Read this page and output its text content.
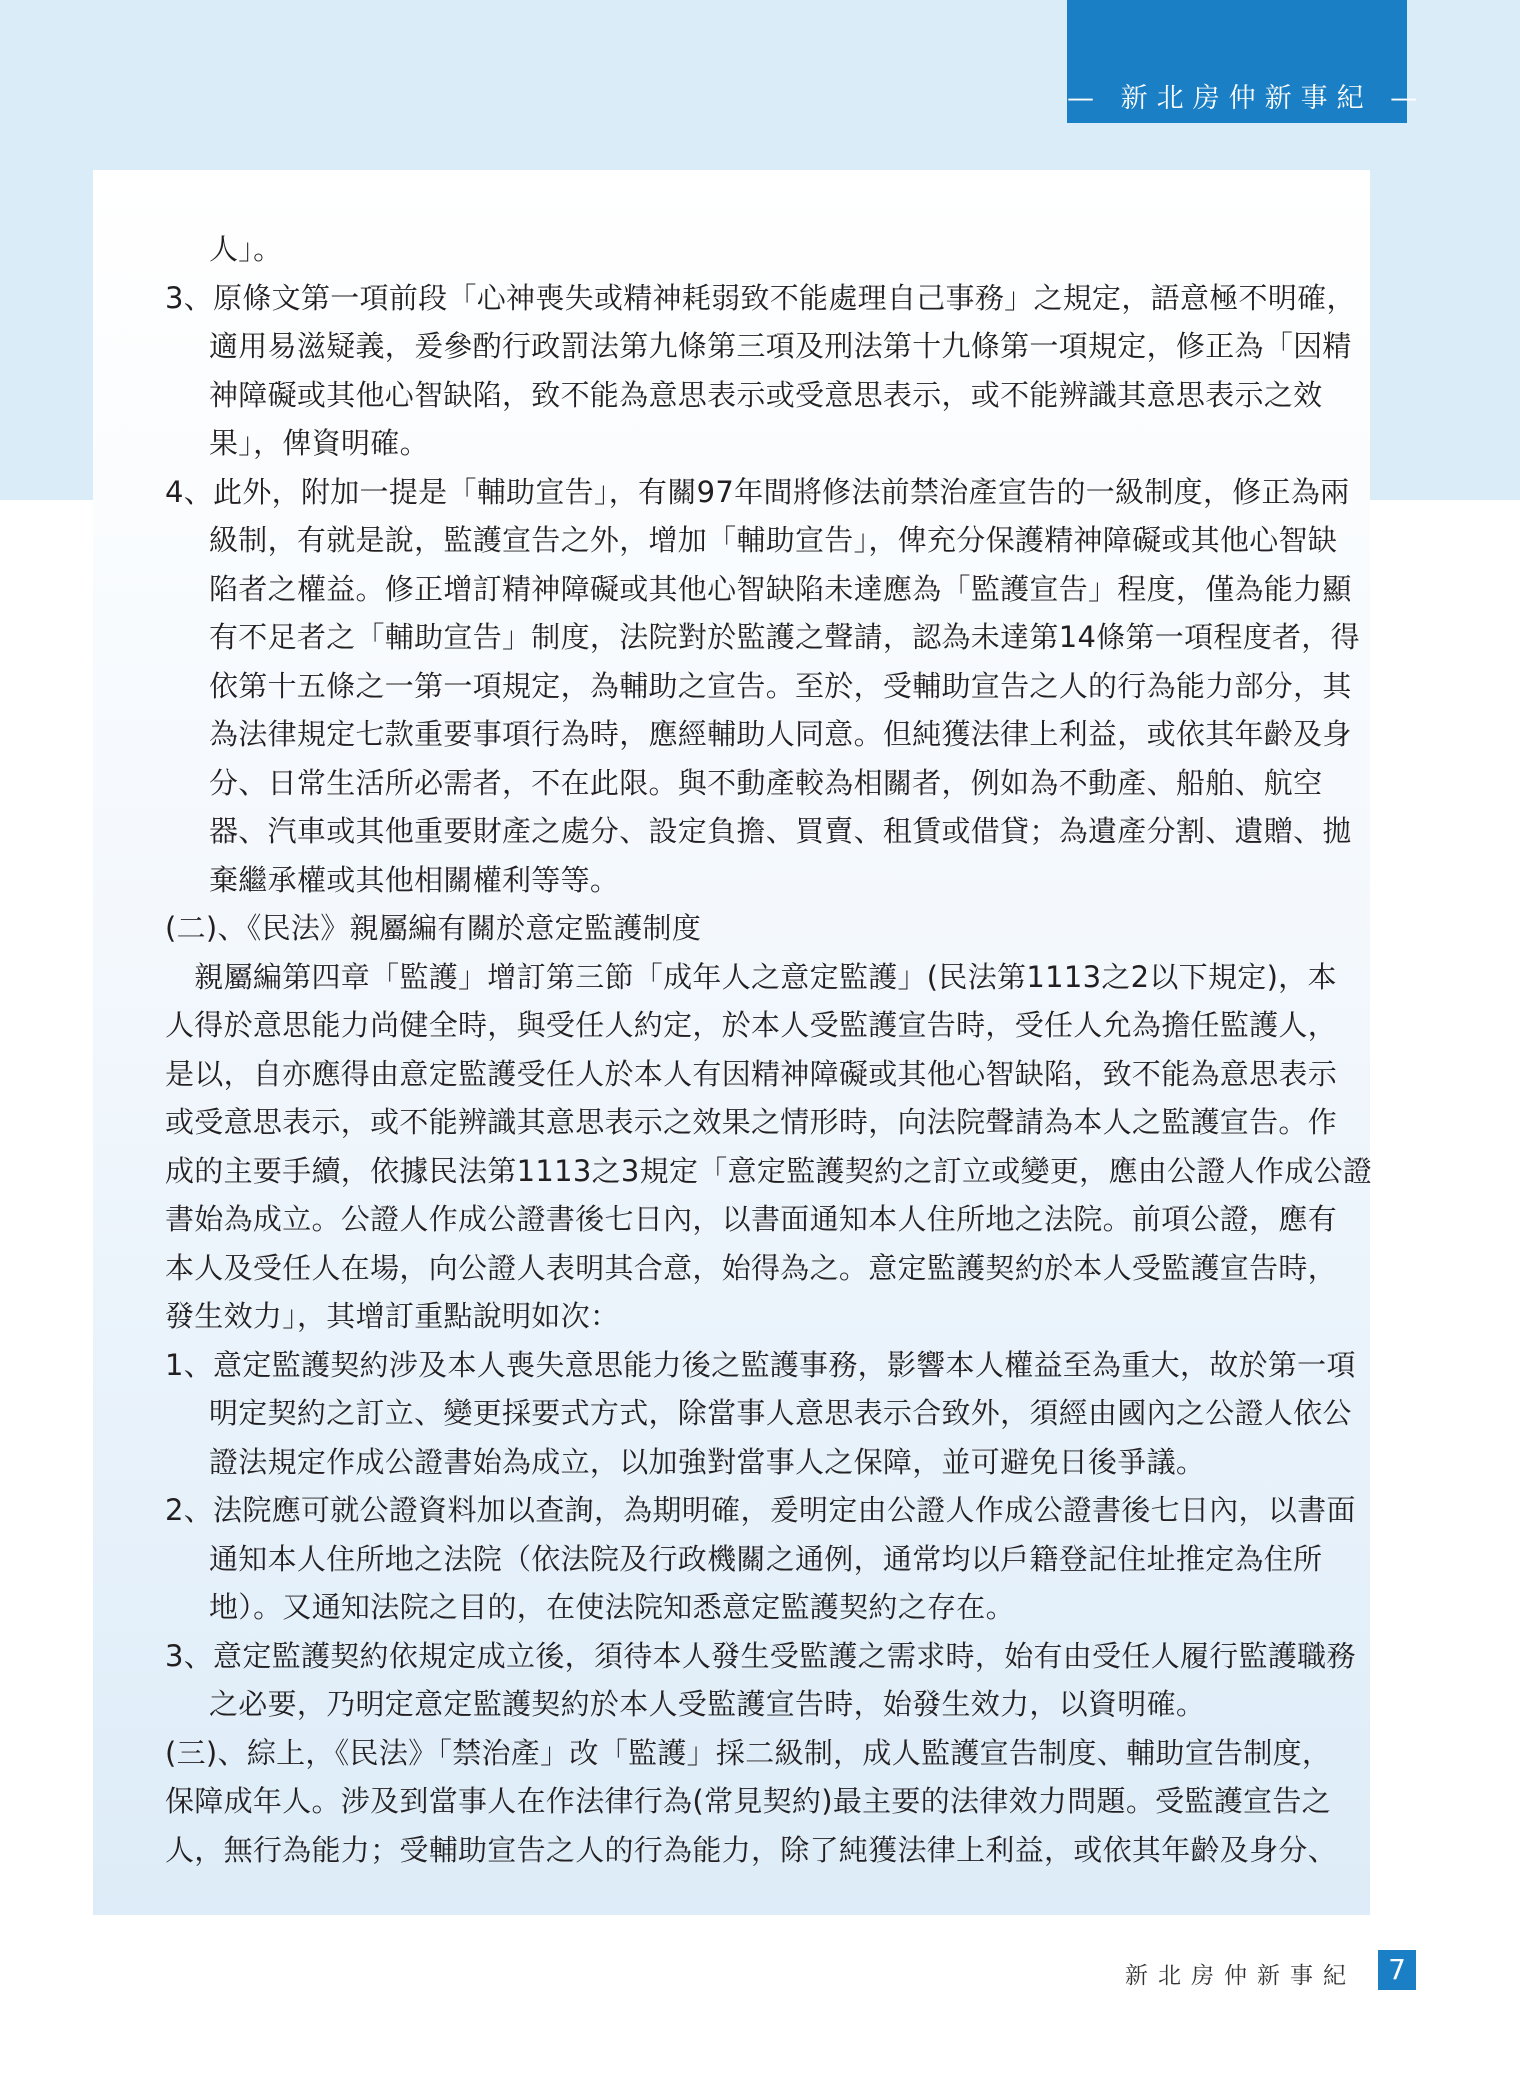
— 新北房仲新事紀 —
人」。
3、原條文第一項前段「心神喪失或精神耗弱致不能處理自己事務」之規定，語意極不明確，
適用易滋疑義，爰參酌行政罰法第九條第三項及刑法第十九條第一項規定，修正為「因精
神障礙或其他心智缺陷，致不能為意思表示或受意思表示，或不能辨識其意思表示之效
果」，俾資明確。
4、此外，附加一提是「輔助宣告」，有關97年間將修法前禁治產宣告的一級制度，修正為兩
級制，有就是說，監護宣告之外，增加「輔助宣告」，俾充分保護精神障礙或其他心智缺
陷者之權益。修正增訂精神障礙或其他心智缺陷未達應為「監護宣告」程度，僅為能力顯
有不足者之「輔助宣告」制度，法院對於監護之聲請，認為未達第14條第一項程度者，得
依第十五條之一第一項規定，為輔助之宣告。至於，受輔助宣告之人的行為能力部分，其
為法律規定七款重要事項行為時，應經輔助人同意。但純獲法律上利益，或依其年齡及身
分、日常生活所必需者，不在此限。與不動產較為相關者，例如為不動產、船舶、航空
器、汽車或其他重要財產之處分、設定負擔、買賣、租賃或借貸；為遺產分割、遺贈、拋
棄繼承權或其他相關權利等等。
(二)、《民法》親屬編有關於意定監護制度
　親屬編第四章「監護」增訂第三節「成年人之意定監護」(民法第1113之2以下規定)，本
人得於意思能力尚健全時，與受任人約定，於本人受監護宣告時，受任人允為擔任監護人，
是以，自亦應得由意定監護受任人於本人有因精神障礙或其他心智缺陷，致不能為意思表示
或受意思表示，或不能辨識其意思表示之效果之情形時，向法院聲請為本人之監護宣告。作
成的主要手續，依據民法第1113之3規定「意定監護契約之訂立或變更，應由公證人作成公證
書始為成立。公證人作成公證書後七日內，以書面通知本人住所地之法院。前項公證，應有
本人及受任人在場，向公證人表明其合意，始得為之。意定監護契約於本人受監護宣告時，
發生效力」，其增訂重點說明如次：
1、意定監護契約涉及本人喪失意思能力後之監護事務，影響本人權益至為重大，故於第一項
明定契約之訂立、變更採要式方式，除當事人意思表示合致外，須經由國內之公證人依公
證法規定作成公證書始為成立，以加強對當事人之保障，並可避免日後爭議。
2、法院應可就公證資料加以查詢，為期明確，爰明定由公證人作成公證書後七日內，以書面
通知本人住所地之法院（依法院及行政機關之通例，通常均以戶籍登記住址推定為住所
地）。又通知法院之目的，在使法院知悉意定監護契約之存在。
3、意定監護契約依規定成立後，須待本人發生受監護之需求時，始有由受任人履行監護職務
之必要，乃明定意定監護契約於本人受監護宣告時，始發生效力，以資明確。
(三)、綜上，《民法》「禁治產」改「監護」採二級制，成人監護宣告制度、輔助宣告制度，
保障成年人。涉及到當事人在作法律行為(常見契約)最主要的法律效力問題。受監護宣告之
人，無行為能力；受輔助宣告之人的行為能力，除了純獲法律上利益，或依其年齡及身分、
新北房仲新事紀	7
